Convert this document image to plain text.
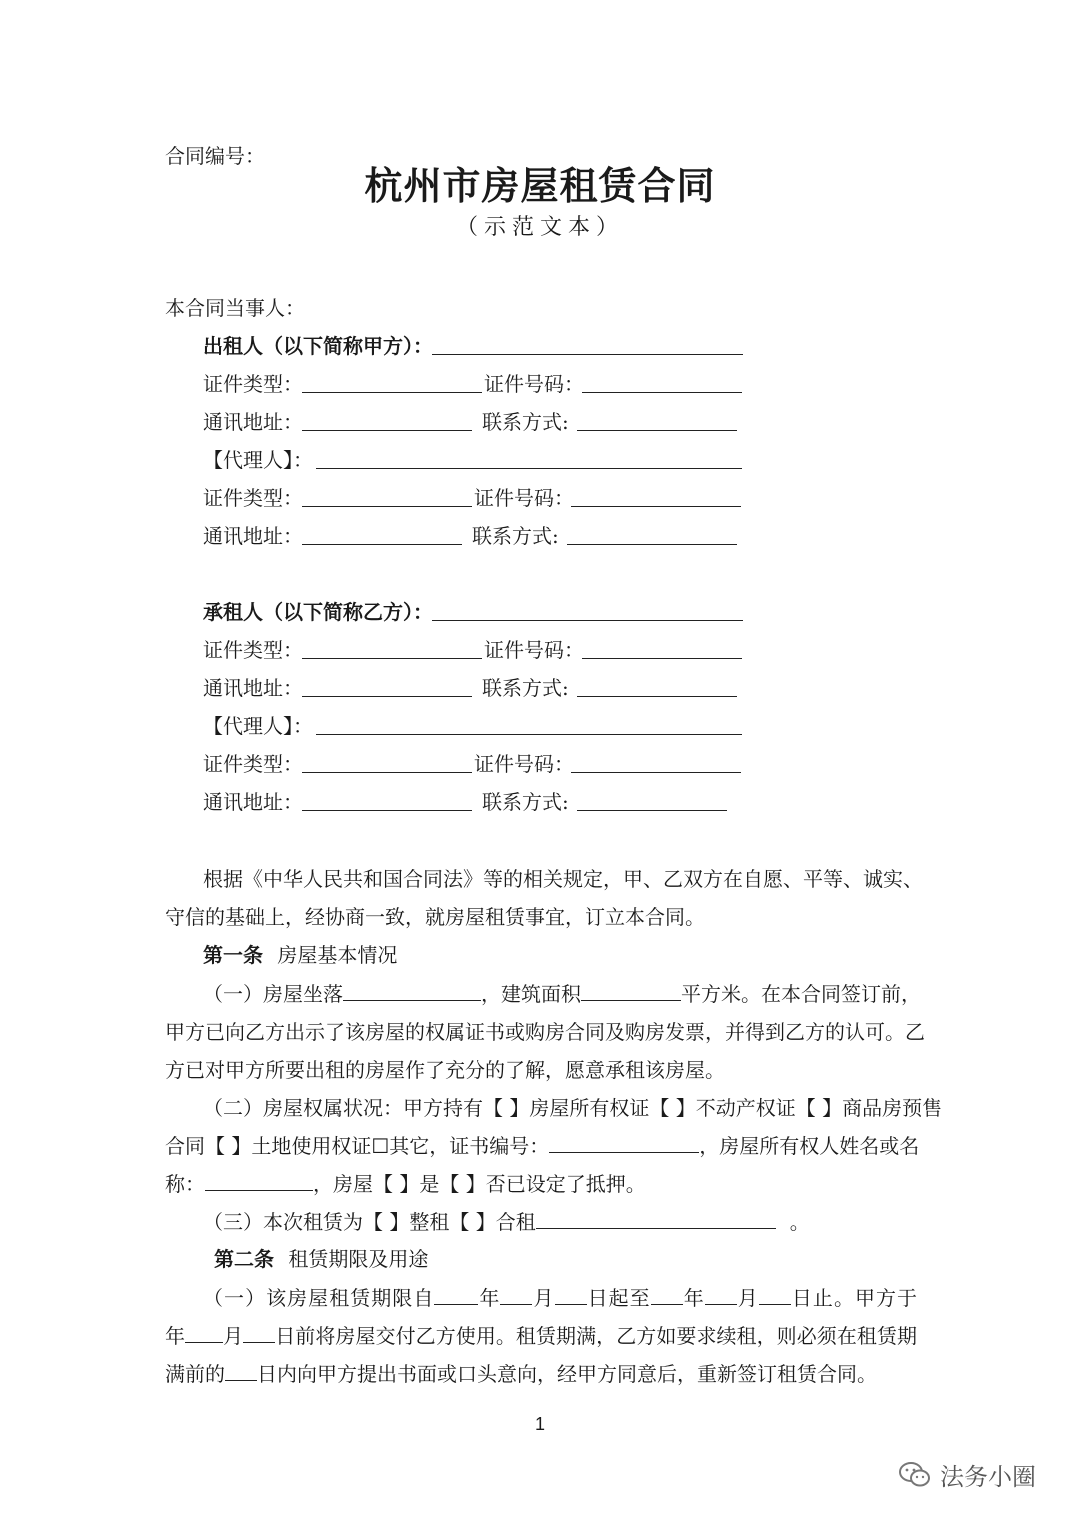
合同编号：
杭州市房屋租赁合同
（示范文本）
本合同当事人：
出租人（以下简称甲方）：
证件类型：	证件号码：
通讯地址：	联系方式:
【代理人】：
证件类型：	证件号码：
通讯地址：	联系方式:
承租人（以下简称乙方）：
证件类型：	证件号码：
通讯地址：	联系方式:
【代理人】：
证件类型：	证件号码：
通讯地址：	联系方式:
根据《中华人民共和国合同法》等的相关规定，甲、乙双方在自愿、平等、诚实、
守信的基础上，经协商一致，就房屋租赁事宜，订立本合同。
第一条 房屋基本情况
（一）房屋坐落	，建筑面积	平方米。在本合同签订前，
甲方已向乙方出示了该房屋的权属证书或购房合同及购房发票，并得到乙方的认可。乙
方已对甲方所要出租的房屋作了充分的了解，愿意承租该房屋。
（二）房屋权属状况：甲方持有【 】房屋所有权证【 】不动产权证【 】商品房预售
合同【 】土地使用权证☐其它，证书编号：	，房屋所有权人姓名或名
称：	，房屋【 】是【 】否已设定了抵押。
（三）本次租赁为【 】整租【 】合租	。
第二条 租赁期限及用途
（一）该房屋租赁期限自 年 月 日起至 年 月 日止。甲方于
年 月 日前将房屋交付乙方使用。租赁期满，乙方如要求续租，则必须在租赁期
满前的 日内向甲方提出书面或口头意向，经甲方同意后，重新签订租赁合同。
1
法务小圈
